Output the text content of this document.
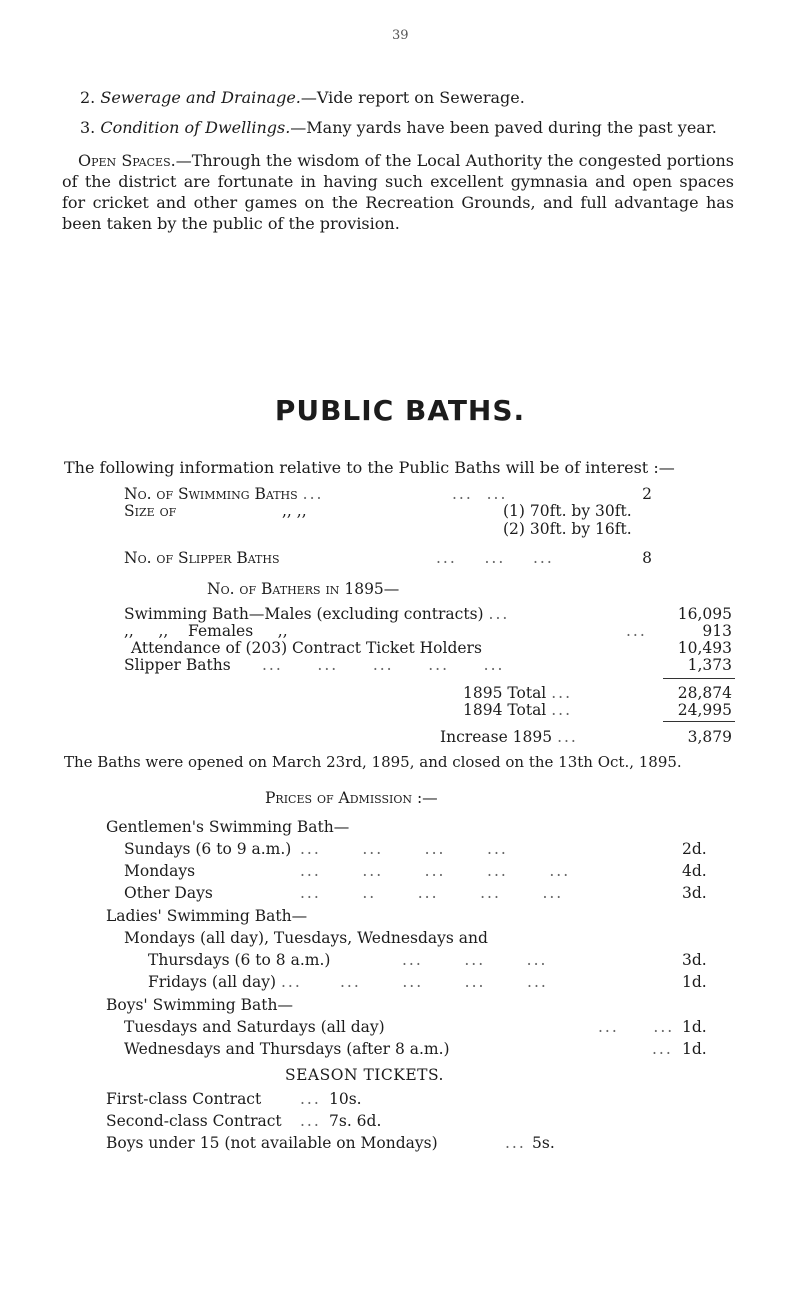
39
2. Sewerage and Drainage.—Vide report on Sewerage.
3. Condition of Dwellings.—Many yards have been paved during the past year.
Open Spaces.—Through the wisdom of the Local Authority the congested portions of the district are fortunate in having such excellent gymnasia and open spaces for cricket and other games on the Recreation Grounds, and full advantage has been taken by the public of the provision.
PUBLIC BATHS.
The following information relative to the Public Baths will be of interest :—
No. of Swimming Baths ...	...  ...	2
Size of	,, ,,	(1) 70ft. by 30ft.
(2) 30ft. by 16ft.
No. of Slipper Baths	...    ...    ...	8
No. of Bathers in 1895—
Swimming Bath—Males (excluding contracts) ...	16,095
,,     ,,    Females     ,,	...	913
Attendance of (203) Contract Ticket Holders	10,493
Slipper Baths ...     ...     ...     ...     ...	1,373
1895 Total ...	28,874
1894 Total ...	24,995
Increase 1895 ...	3,879
The Baths were opened on March 23rd, 1895, and closed on the 13th Oct., 1895.
Prices of Admission :—
Gentlemen's Swimming Bath—
Sundays (6 to 9 a.m.) ...      ...      ...      ...	2d.
Mondays	...      ...      ...      ...      ...	4d.
Other Days	...      ..      ...      ...      ...	3d.
Ladies' Swimming Bath—
Mondays (all day), Tuesdays, Wednesdays and
Thursdays (6 to 8 a.m.)	...      ...      ...	3d.
Fridays (all day) ... ...      ...      ...      ...	1d.
Boys' Swimming Bath—
Tuesdays and Saturdays (all day)	...     ... 1d.
Wednesdays and Thursdays (after 8 a.m.)	... 1d.
SEASON TICKETS.
First-class Contract	... 10s.
Second-class Contract ... 7s. 6d.
Boys under 15 (not available on Mondays)	... 5s.
